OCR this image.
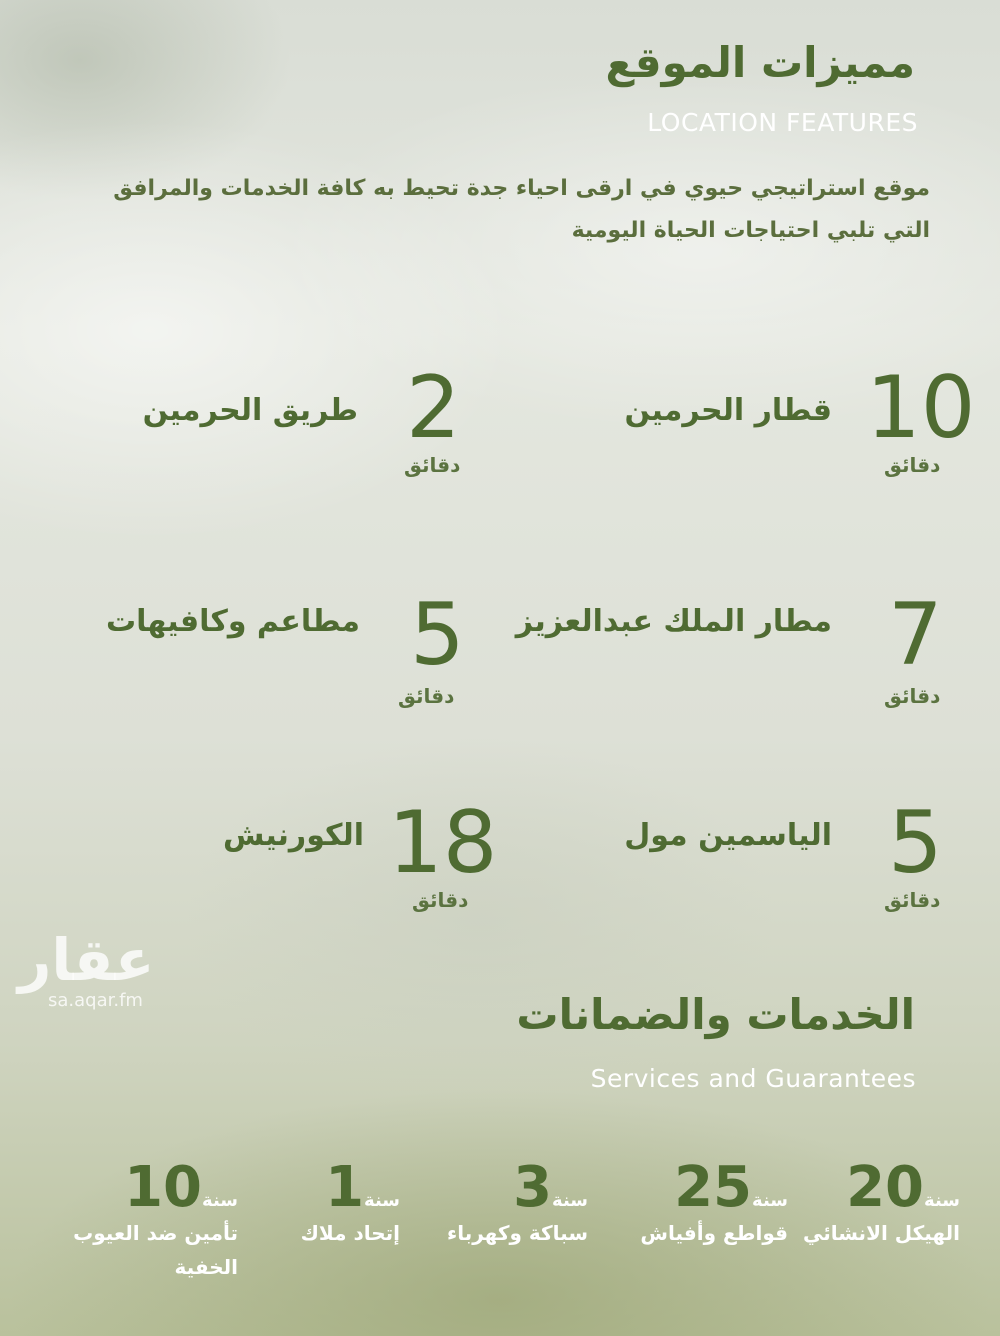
مميزات الموقع
LOCATION FEATURES
موقع استراتيجي حيوي في ارقى احياء جدة تحيط به كافة الخدمات والمرافق
التي تلبي احتياجات الحياة اليومية
10
دقائق
قطار الحرمين
2
دقائق
طريق الحرمين
7
دقائق
مطار الملك عبدالعزيز
5
دقائق
مطاعم وكافيهات
5
دقائق
الياسمين مول
18
دقائق
الكورنيش
عقار
sa.aqar.fm	الخدمات والضمانات
Services and Guarantees
سنة20
الهيكل الانشائي
سنة25
قواطع وأفياش
سنة3
سباكة وكهرباء
سنة1
إتحاد ملاك
سنة10
تأمين ضد العيوب
الخفية
